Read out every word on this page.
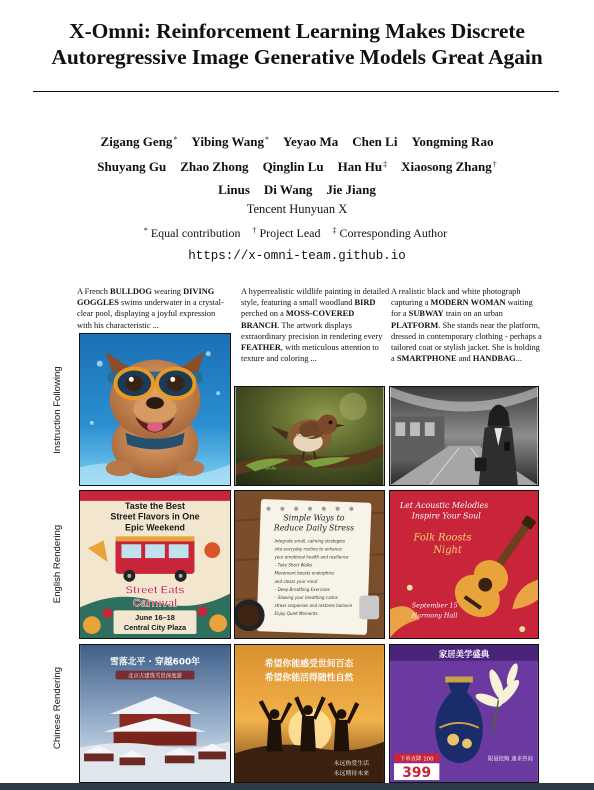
X-Omni: Reinforcement Learning Makes Discrete
Autoregressive Image Generative Models Great Again
Zigang Geng* Yibing Wang* Yeyao Ma Chen Li Yongming Rao
Shuyang Gu Zhao Zhong Qinglin Lu Han Hu‡ Xiaosong Zhang†
Linus Di Wang Jie Jiang
Tencent Hunyuan X
* Equal contribution † Project Lead ‡ Corresponding Author
https://x-omni-team.github.io
A French BULLDOG wearing DIVING GOGGLES swims underwater in a crystal-clear pool, displaying a joyful expression with his characteristic ...
A hyperrealistic wildlife painting in detailed style, featuring a small woodland BIRD perched on a MOSS-COVERED BRANCH. The artwork displays extraordinary precision in rendering every FEATHER, with meticulous attention to texture and coloring ...
A realistic black and white photograph capturing a MODERN WOMAN waiting for a SUBWAY train on an urban PLATFORM. She stands near the platform, dressed in contemporary clothing - perhaps a tailored coat or stylish jacket. She is holding a SMARTPHONE and HANDBAG...
Instruction Following
English Rendering
Chinese Rendering
Taste the Best
Street Flavors in One
Epic Weekend
Street Eats
Carnival
June 16–18
Central City Plaza
Simple Ways to
Reduce Daily Stress
Integrate small, calming strategies
into everyday routine to enhance
your emotional health and resilience
– Take Short Walks
Movement boosts endorphins
and clears your mind
– Deep Breathing Exercises
– Slowing your breathing calms
stress responses and restores balance
Enjoy Quiet Moments
Let Acoustic Melodies
Inspire Your Soul
Folk Roosts
Night
September 15
Harmony Hall
雪落北平 · 穿越600年
北京古建筑雪景深度游
希望你能感受世间百态
希望你能活得随性自然
永远热爱生活
永远期待未来
家居美学盛典
下单直降 100
399
限量抢购 速来咨询
